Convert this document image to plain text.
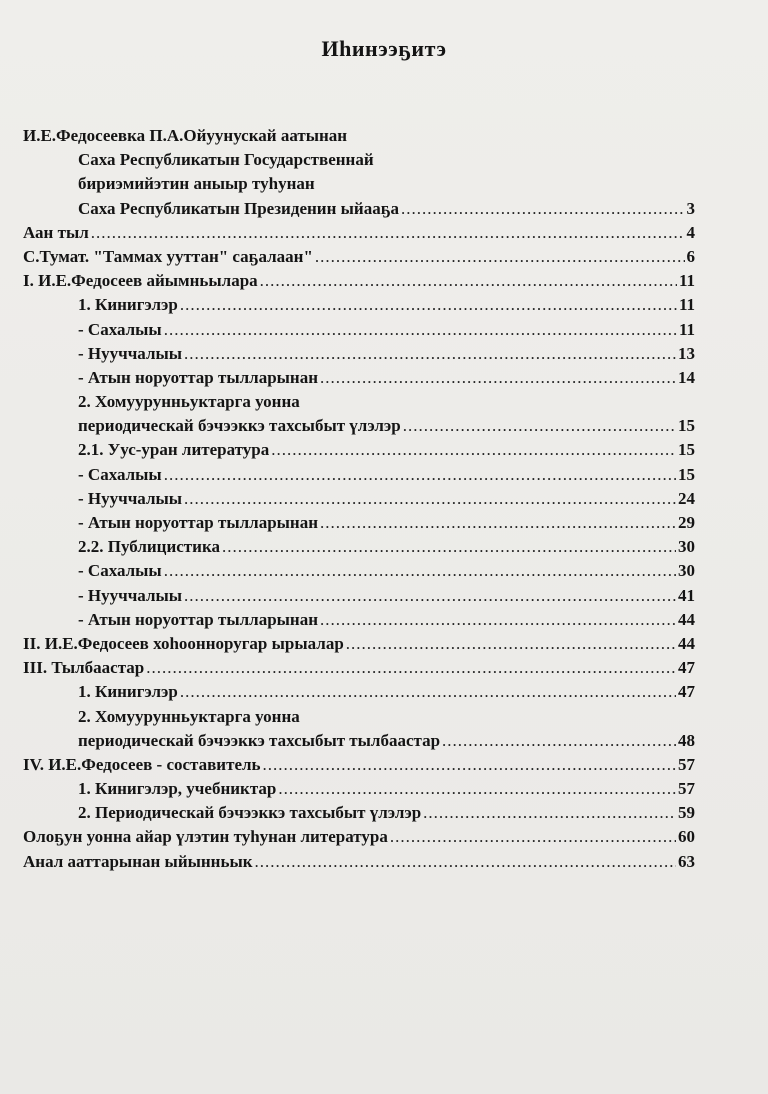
Иһинээҕитэ
И.Е.Федосеевка П.А.Ойуунускай аатынан
Саха Республикатын Государственнай
бириэмийэтин аныыр туһунан
Саха Республикатын Президенин ыйааҕа .....	3
Аан тыл .....	4
С.Тумат. "Таммах ууттан" саҕалаан" .....	6
I. И.Е.Федосеев айымньылара .....	11
1. Кинигэлэр .....	11
- Сахалыы .....	11
- Нууччалыы .....	13
- Атын норуоттар тылларынан .....	14
2. Хомуурунньуктарга уонна
периодическай бэчээккэ тахсыбыт үлэлэр .....	15
2.1. Уус-уран литература .....	15
- Сахалыы .....	15
- Нууччалыы .....	24
- Атын норуоттар тылларынан .....	29
2.2. Публицистика .....	30
- Сахалыы .....	30
- Нууччалыы .....	41
- Атын норуоттар тылларынан .....	44
II. И.Е.Федосеев хоһоонноругар ырыалар .....	44
III. Тылбаастар .....	47
1. Кинигэлэр .....	47
2. Хомуурунньуктарга уонна
периодическай бэчээккэ тахсыбыт тылбаастар .....	48
IV. И.Е.Федосеев - составитель .....	57
1. Кинигэлэр, учебниктар .....	57
2. Периодическай бэчээккэ тахсыбыт үлэлэр .....	59
Олоҕун уонна айар үлэтин туһунан литература .....	60
Анал ааттарынан ыйынньык .....	63
